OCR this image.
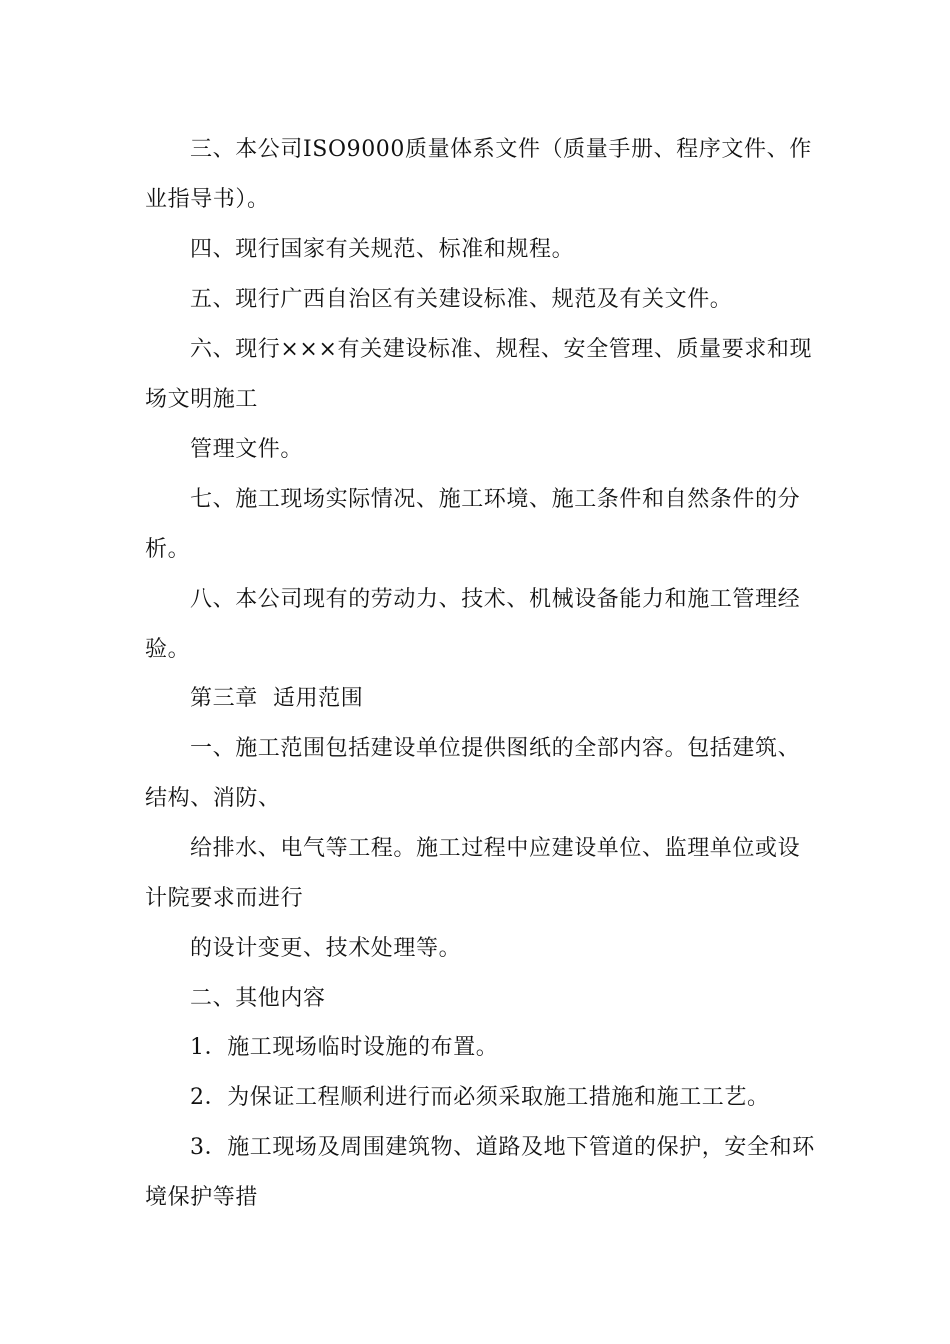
三、本公司ISO9000质量体系文件（质量手册、程序文件、作
业指导书）。
四、现行国家有关规范、标准和规程。
五、现行广西自治区有关建设标准、规范及有关文件。
六、现行×××有关建设标准、规程、安全管理、质量要求和现
场文明施工
管理文件。
七、施工现场实际情况、施工环境、施工条件和自然条件的分
析。
八、本公司现有的劳动力、技术、机械设备能力和施工管理经
验。
第三章  适用范围
一、施工范围包括建设单位提供图纸的全部内容。包括建筑、
结构、消防、
给排水、电气等工程。施工过程中应建设单位、监理单位或设
计院要求而进行
的设计变更、技术处理等。
二、其他内容
1．施工现场临时设施的布置。
2．为保证工程顺利进行而必须采取施工措施和施工工艺。
3．施工现场及周围建筑物、道路及地下管道的保护，安全和环
境保护等措
